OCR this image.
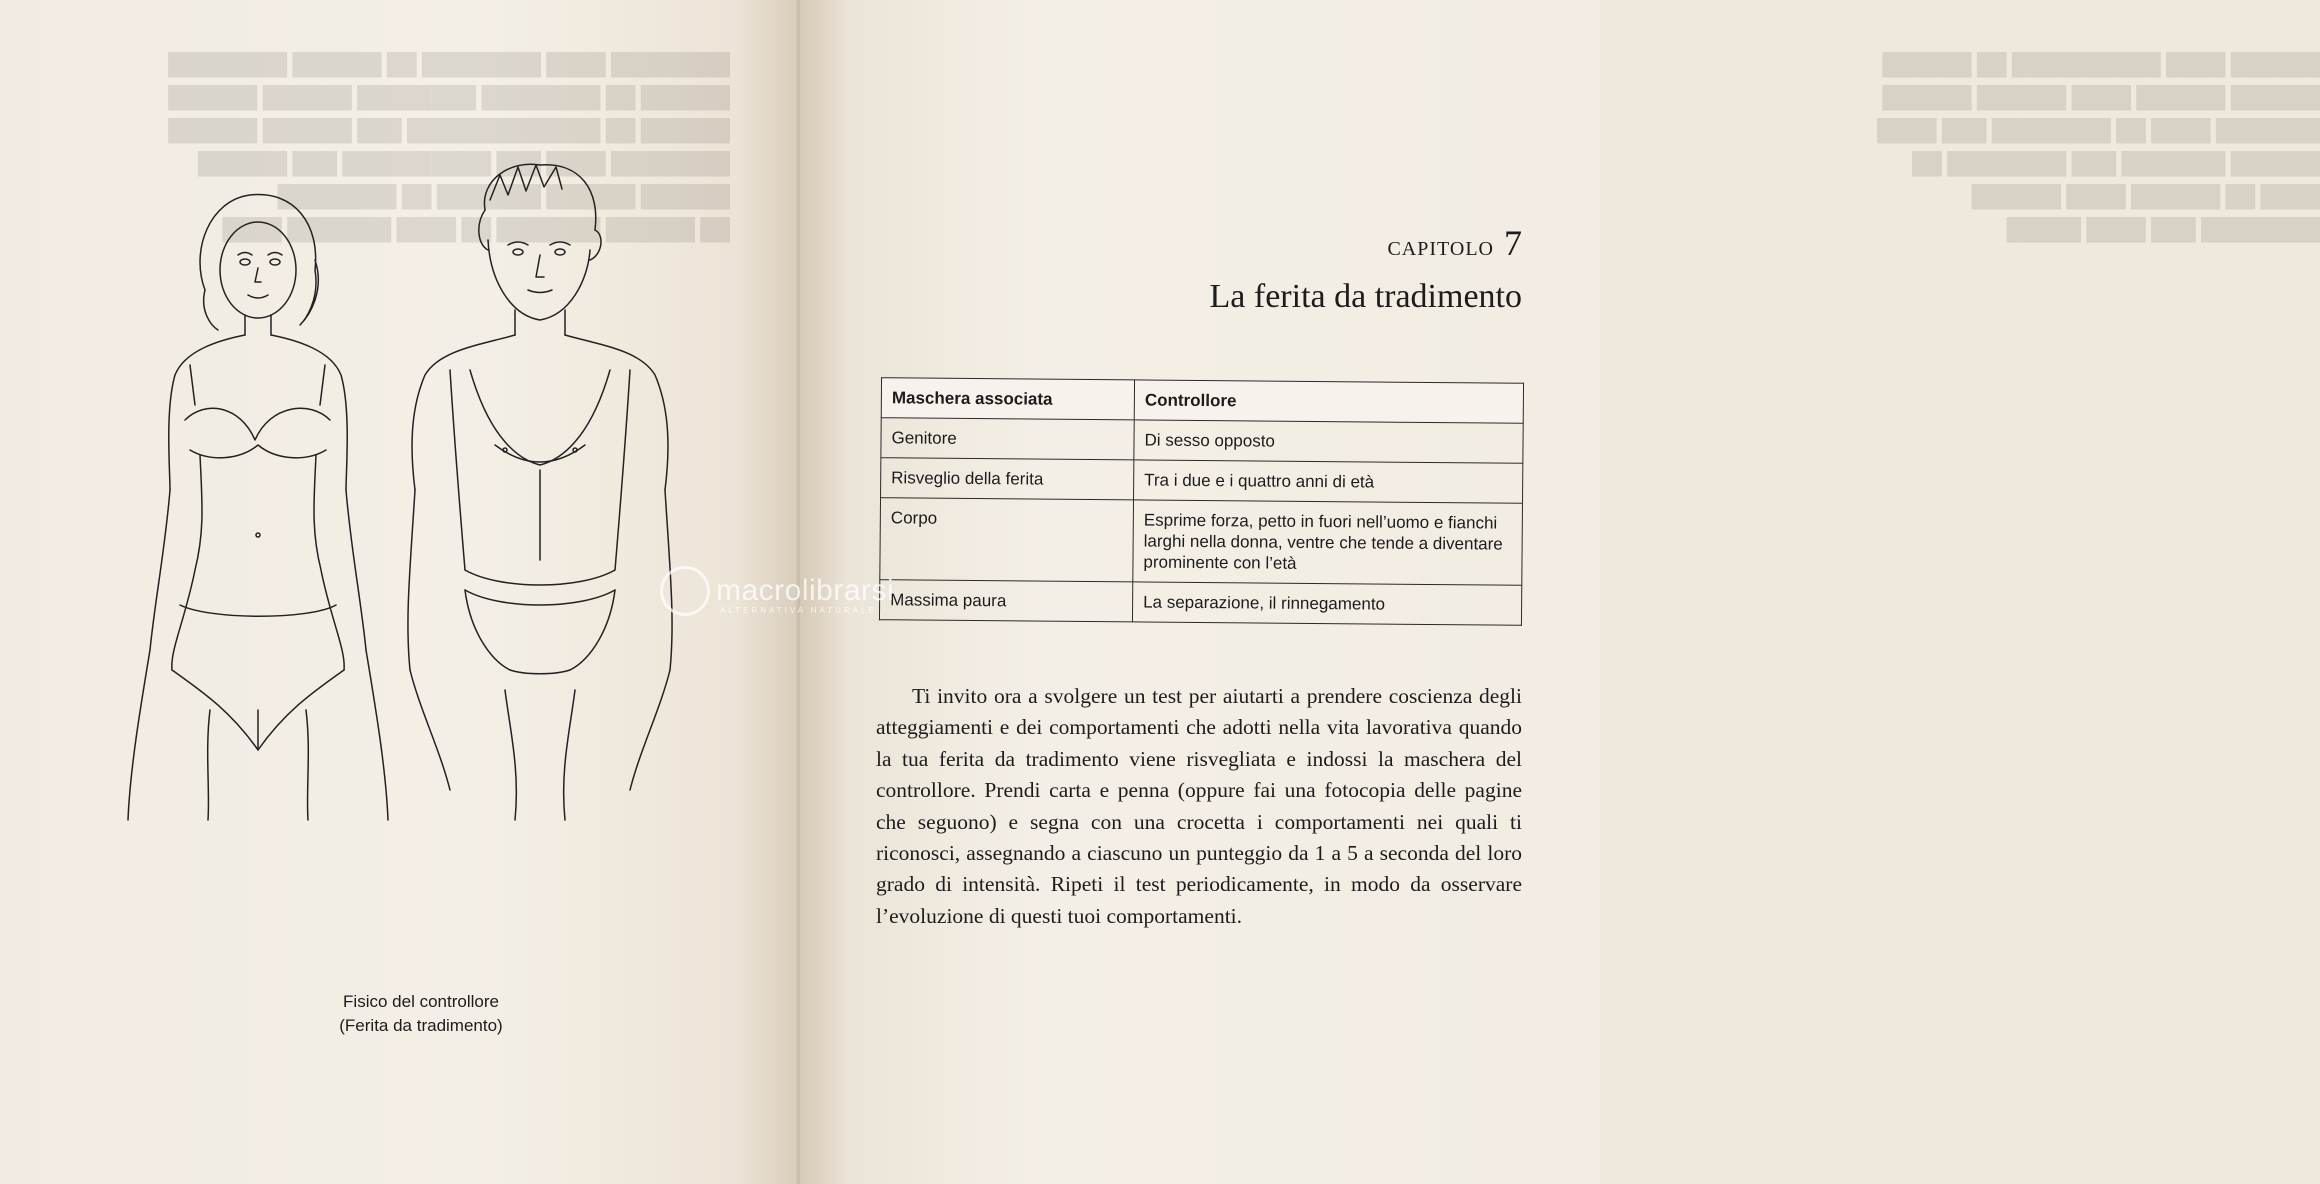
████████ ████ ████████ ██ ██████ ████████
██████ ██ ████████ ████████ ██████ ██████
██████ ██ █████████████ ███ ██████ ██████
████████ ████ ███ ██████████ ███ ██████
██████ ██████ ███████ ██ ████████
██ ██████ ███████ ██ ████ ███████ ████
Fisico del controllore
(Ferita da tradimento)
██████ ████ ██████████ ██ ██████
██████ ██████ ████ ██████ ██████
███████ ████ ██ ████████ ███ ████
██████ ███████ ███ ████████ ██
████ ██ ██████ ████ ██████
████████ ███ ████ █████
CAPITOLO 7
La ferita da tradimento
Maschera associata	Controllore
Genitore	Di sesso opposto
Risveglio della ferita	Tra i due e i quattro anni di età
Corpo	Esprime forza, petto in fuori nell’uomo e fianchi larghi nella donna, ventre che tende a diventare prominente con l’età
Massima paura	La separazione, il rinnegamento
Ti invito ora a svolgere un test per aiutarti a prendere coscienza degli atteggiamenti e dei comportamenti che adotti nella vita lavorativa quando la tua ferita da tradimento viene risvegliata e indossi la maschera del controllore. Prendi carta e penna (oppure fai una fotocopia delle pagine che seguono) e segna con una crocetta i comportamenti nei quali ti riconosci, assegnando a ciascuno un punteggio da 1 a 5 a seconda del loro grado di intensità. Ripeti il test periodicamente, in modo da osservare l’evoluzione di questi tuoi comportamenti.
macrolibrarsi
ALTERNATIVA NATURALE
